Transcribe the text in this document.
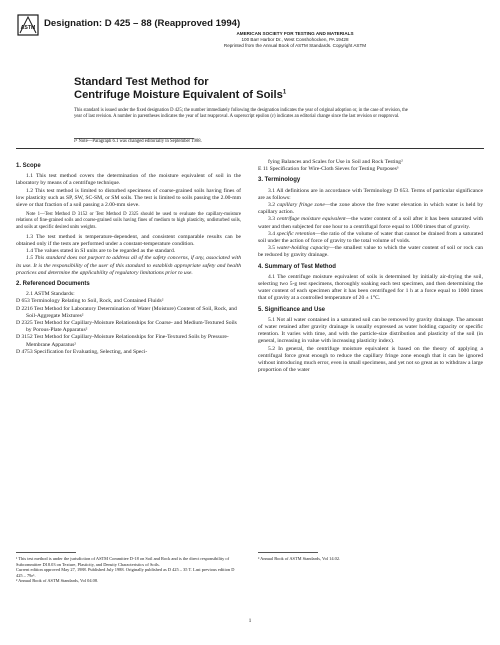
ASTM Designation: D 425 – 88 (Reapproved 1994)
AMERICAN SOCIETY FOR TESTING AND MATERIALS
100 Barr Harbor Dr., West Conshohocken, PA 19428
Reprinted from the Annual Book of ASTM Standards. Copyright ASTM
Standard Test Method for
Centrifuge Moisture Equivalent of Soils$^1$
This standard is issued under the fixed designation D 425; the number immediately following the designation indicates the year of original adoption or, in the case of revision, the year of last revision. A number in parentheses indicates the year of last reapproval. A superscript epsilon (ε) indicates an editorial change since the last revision or reapproval.
ε¹ Note—Paragraph 6.1 was changed editorially in September 1988.
1. Scope

1.1 This test method covers the determination of the moisture equivalent of soil in the laboratory by means of a centrifuge technique.

1.2 This test method is limited to disturbed specimens of coarse-grained soils having fines of low plasticity such as SP, SW, SC-SM, or SM soils. The test is limited to soils passing the 2.00-mm sieve or that fraction of a soil passing a 2.00-mm sieve.

Note 1—Test Method D 3152 or Test Method D 2325 should be used to evaluate the capillary-moisture relations of fine-grained soils and coarse-grained soils having fines of medium to high plasticity, undisturbed soils, and soils at specific desired units weights.

1.3 The test method is temperature-dependent, and consistent comparable results can be obtained only if the tests are performed under a constant-temperature condition.

1.4 The values stated in SI units are to be regarded as the standard.

1.5 This standard does not purport to address all of the safety concerns, if any, associated with its use. It is the responsibility of the user of this standard to establish appropriate safety and health practices and determine the applicability of regulatory limitations prior to use.

2. Referenced Documents

2.1 ASTM Standards:

D 653 Terminology Relating to Soil, Rock, and Contained Fluids²

D 2216 Test Method for Laboratory Determination of Water (Moisture) Content of Soil, Rock, and Soil-Aggregate Mixtures²

D 2325 Test Method for Capillary-Moisture Relationships for Coarse- and Medium-Textured Soils by Porous-Plate Apparatus²

D 3152 Test Method for Capillary-Moisture Relationships for Fine-Textured Soils by Pressure-Membrane Apparatus²

D 4753 Specification for Evaluating, Selecting, and Speci-

fying Balances and Scales for Use in Soil and Rock Testing²

E 11 Specification for Wire-Cloth Sieves for Testing Purposes³

3. Terminology

3.1 All definitions are in accordance with Terminology D 653. Terms of particular significance are as follows:

3.2 capillary fringe zone—the zone above the free water elevation in which water is held by capillary action.

3.3 centrifuge moisture equivalent—the water content of a soil after it has been saturated with water and then subjected for one hour to a centrifugal force equal to 1000 times that of gravity.

3.4 specific retention—the ratio of the volume of water that cannot be drained from a saturated soil under the action of force of gravity to the total volume of voids.

3.5 water-holding capacity—the smallest value to which the water content of soil or rock can be reduced by gravity drainage.

4. Summary of Test Method

4.1 The centrifuge moisture equivalent of soils is determined by initially air-drying the soil, selecting two 5-g test specimens, thoroughly soaking each test specimen, and then determining the water content of each specimen after it has been centrifuged for 1 h at a force equal to 1000 times that of gravity at a controlled temperature of 20 ± 1°C.

5. Significance and Use

5.1 Not all water contained in a saturated soil can be removed by gravity drainage. The amount of water retained after gravity drainage is usually expressed as water holding capacity or specific retention. It varies with time, and with the particle-size distribution and plasticity of the soil (in general, increasing in value with increasing plasticity index).

5.2 In general, the centrifuge moisture equivalent is based on the theory of applying a centrifugal force great enough to reduce the capillary fringe zone enough that it can be ignored without introducing much error, even in small specimens, and yet not so great as to withdraw a large proportion of the water

¹ This test method is under the jurisdiction of ASTM Committee D-18 on Soil and Rock and is the direct responsibility of Subcommittee D18.03 on Texture, Plasticity, and Density Characteristics of Soils.
Current edition approved May 27, 1988. Published July 1988. Originally published as D 425 – 35 T. Last previous edition D 425 – 79ε¹.
² Annual Book of ASTM Standards, Vol 04.08.
³ Annual Book of ASTM Standards, Vol 14.02.
1
